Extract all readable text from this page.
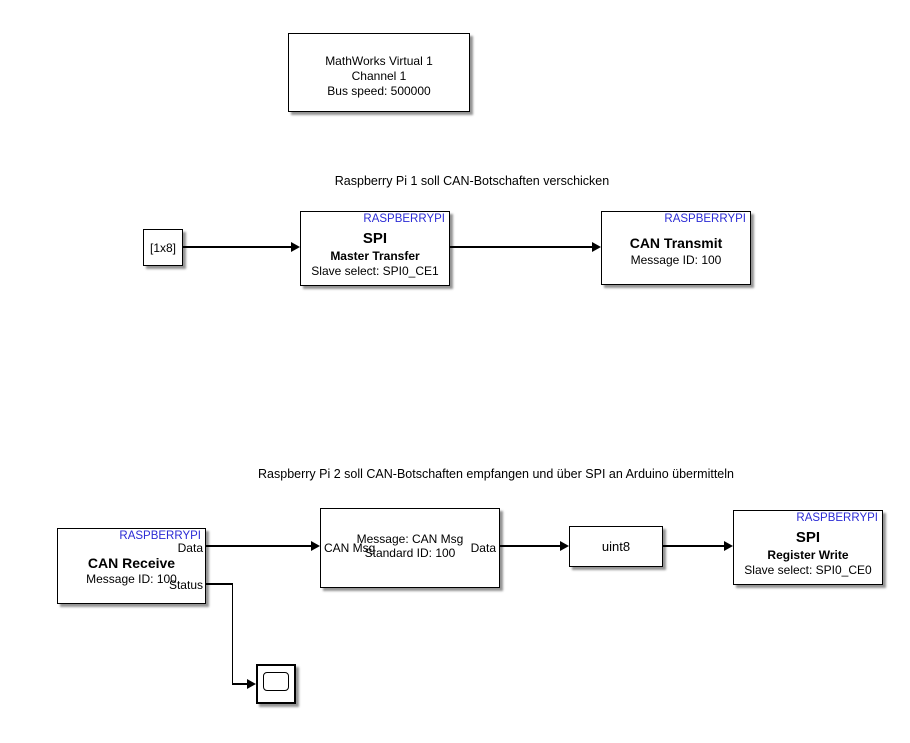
MathWorks Virtual 1
Channel 1
Bus speed: 500000
Raspberry Pi 1 soll CAN-Botschaften verschicken
[1x8]
RASPBERRYPI
SPI
Master Transfer
Slave select: SPI0_CE1
RASPBERRYPI
CAN Transmit
Message ID: 100
Raspberry Pi 2 soll CAN-Botschaften empfangen und über SPI an Arduino übermitteln
RASPBERRYPI
Data
CAN Receive
Message ID: 100
Status
Message: CAN Msg
Standard ID: 100
CAN Msg	Data	uint8
RASPBERRYPI
SPI
Register Write
Slave select: SPI0_CE0
